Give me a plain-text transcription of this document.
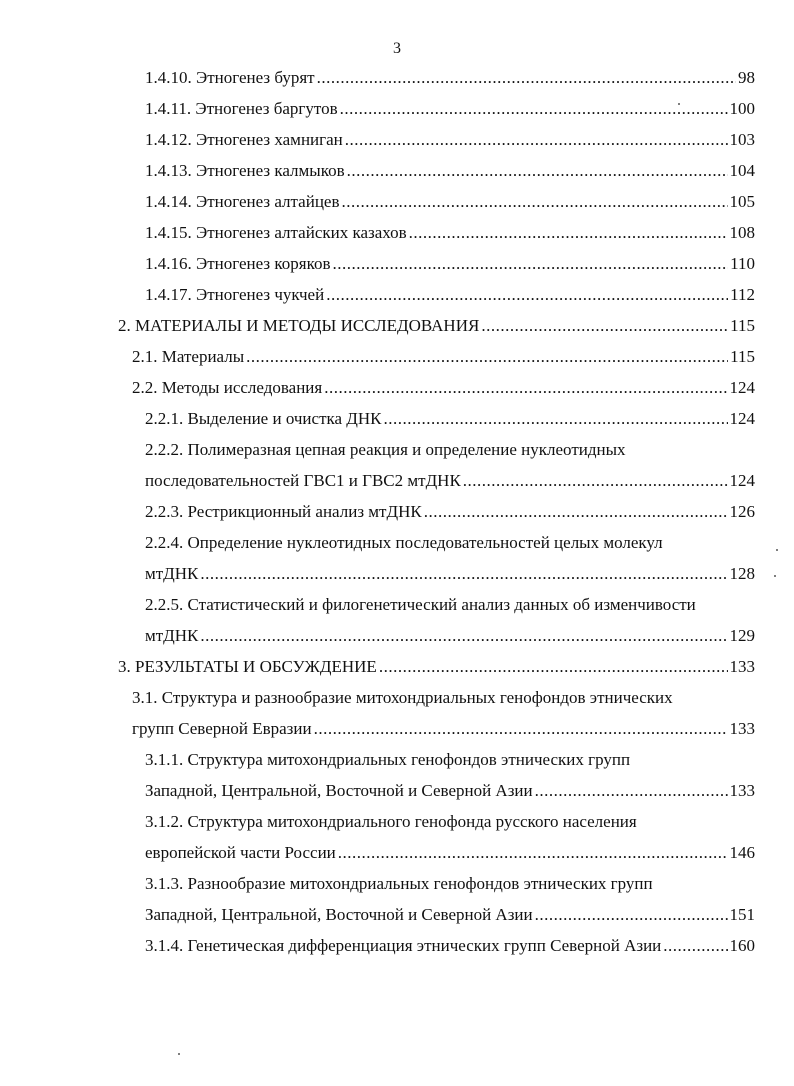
3
1.4.10. Этногенез бурят .....	98
1.4.11. Этногенез баргутов .....	100
1.4.12. Этногенез хамниган .....	103
1.4.13. Этногенез калмыков .....	104
1.4.14. Этногенез алтайцев .....	105
1.4.15. Этногенез алтайских казахов .....	108
1.4.16. Этногенез коряков .....	110
1.4.17. Этногенез чукчей .....	112
2. МАТЕРИАЛЫ И МЕТОДЫ ИССЛЕДОВАНИЯ .....	115
2.1. Материалы .....	115
2.2. Методы исследования .....	124
2.2.1. Выделение и очистка ДНК .....	124
2.2.2. Полимеразная цепная реакция и определение нуклеотидных
последовательностей ГВС1 и ГВС2 мтДНК .....	124
2.2.3. Рестрикционный анализ мтДНК .....	126
2.2.4. Определение нуклеотидных последовательностей целых молекул
мтДНК .....	128
2.2.5. Статистический и филогенетический анализ данных об изменчивости
мтДНК .....	129
3. РЕЗУЛЬТАТЫ И ОБСУЖДЕНИЕ .....	133
3.1. Структура и разнообразие митохондриальных генофондов этнических
групп Северной Евразии .....	133
3.1.1. Структура митохондриальных генофондов этнических групп
Западной, Центральной, Восточной и Северной Азии .....	133
3.1.2. Структура митохондриального генофонда русского населения
европейской части России .....	146
3.1.3. Разнообразие митохондриальных генофондов этнических групп
Западной, Центральной, Восточной и Северной Азии .....	151
3.1.4. Генетическая дифференциация этнических групп Северной Азии .....	160
